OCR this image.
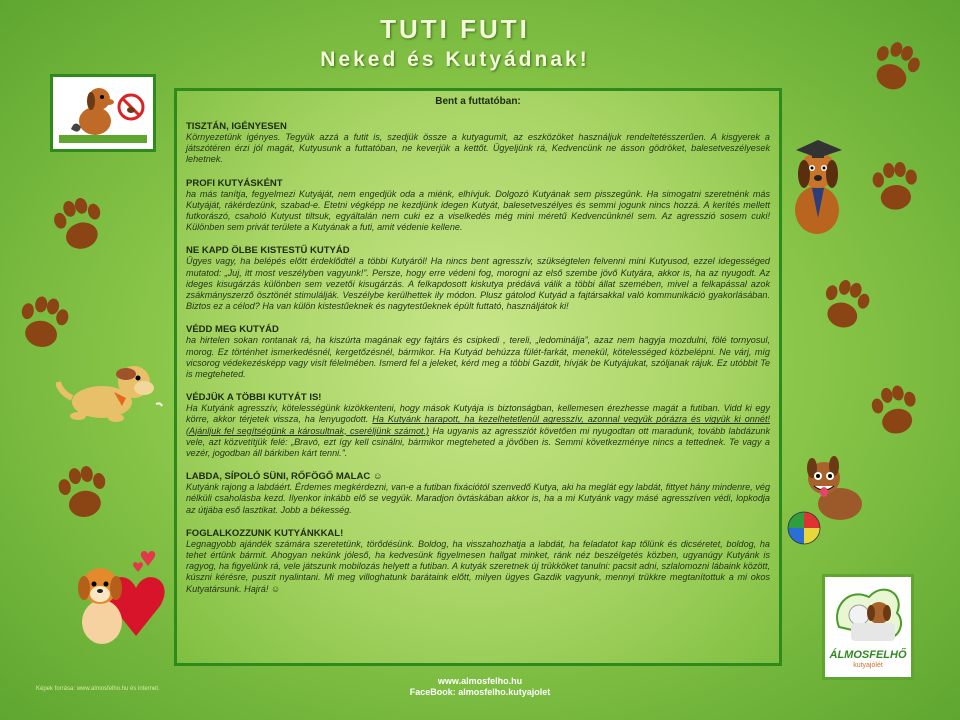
TUTI FUTI
Neked és Kutyádnak!
ÁLMOSFELHŐ
kutyajólét
Bent a futtatóban:
TISZTÁN, IGÉNYESEN
Környezetünk igényes. Tegyük azzá a futit is, szedjük össze a kutyagumit, az eszközöket használjuk rendeltetésszerűen. A kisgyerek a játszótéren érzi jól magát, Kutyusunk a futtatóban, ne keverjük a kettőt. Ügyeljünk rá, Kedvencünk ne ásson gödröket, balesetveszélyesek lehetnek.
PROFI KUTYÁSKÉNT
ha más tanítja, fegyelmezi Kutyáját, nem engedjük oda a miénk, elhívjuk. Dolgozó Kutyának sem pisszegünk. Ha simogatni szeretnénk más Kutyáját, rákérdezünk, szabad-e. Etetni végképp ne kezdjünk idegen Kutyát, balesetveszélyes és semmi jogunk nincs hozzá. A kerítés mellett futkorászó, csaholó Kutyust tiltsuk, egyáltalán nem cuki ez a viselkedés még mini méretű Kedvencünknél sem. Az agresszió sosem cuki! Különben sem privát területe a Kutyának a futi, amit védenie kellene.
NE KAPD ÖLBE KISTESTŰ KUTYÁD
Ügyes vagy, ha belépés előtt érdeklődtél a többi Kutyáról! Ha nincs bent agresszív, szükségtelen felvenni mini Kutyusod, ezzel idegességed mutatod: „Juj, itt most veszélyben vagyunk!”. Persze, hogy erre védeni fog, morogni az első szembe jövő Kutyára, akkor is, ha az nyugodt. Az ideges kisugárzás különben sem vezetői kisugárzás. A felkapdosott kiskutya prédává válik a többi állat szemében, mivel a felkapással azok zsákmányszerző ösztönét stimulálják. Veszélybe kerülhettek ily módon. Plusz gátolod Kutyád a fajtársakkal való kommunikáció gyakorlásában. Biztos ez a célod? Ha van külön kistestűeknek és nagytestűeknek épült futtató, használjátok ki!
VÉDD MEG KUTYÁD
ha hirtelen sokan rontanak rá, ha kiszúrta magának egy fajtárs és csipkedi , tereli, „ledominálja”, azaz nem hagyja mozdulni, fölé tornyosul, morog. Ez történhet ismerkedésnél, kergetőzésnél, bármikor. Ha Kutyád behúzza fülét-farkát, menekül, kötelességed közbelépni. Ne várj, míg vicsorog védekezésképp vagy visít félelmében. Ismerd fel a jeleket, kérd meg a többi Gazdit, hívják be Kutyájukat, szóljanak rájuk. Ez utóbbit Te is megteheted.
VÉDJÜK A TÖBBI KUTYÁT IS!
Ha Kutyánk agresszív, kötelességünk kizökkenteni, hogy mások Kutyája is biztonságban, kellemesen érezhesse magát a futiban. Vidd ki egy körre, akkor térjetek vissza, ha lenyugodott. Ha Kutyánk harapott, ha kezelhetetlenül agresszív, azonnal vegyük pórázra és vigyük ki onnét! (Ajánljuk fel segítségünk a károsultnak, cseréljünk számot.) Ha ugyanis az agressziót követően mi nyugodtan ott maradunk, tovább labdázunk vele, azt közvetítjük felé: „Bravó, ezt így kell csinálni, bármikor megteheted a jövőben is. Semmi következménye nincs a tettednek. Te vagy a vezér, jogodban áll bárkiben kárt tenni.”.
LABDA, SÍPOLÓ SÜNI, RŐFÖGŐ MALAC ☺
Kutyánk rajong a labdáért. Érdemes megkérdezni, van-e a futiban fixációtól szenvedő Kutya, aki ha meglát egy labdát, fittyet hány mindenre, vég nélküli csaholásba kezd. Ilyenkor inkább elő se vegyük. Maradjon övtáskában akkor is, ha a mi Kutyánk vagy másé agresszíven védi, lopkodja az útjába eső lasztikat. Jobb a békesség.
FOGLALKOZZUNK KUTYÁNKKAL!
Legnagyobb ajándék számára szeretetünk, törődésünk. Boldog, ha visszahozhatja a labdát, ha feladatot kap tőlünk és dicséretet, boldog, ha tehet értünk bármit. Ahogyan nekünk jóleső, ha kedvesünk figyelmesen hallgat minket, ránk néz beszélgetés közben, ugyanúgy Kutyánk is ragyog, ha figyelünk rá, vele játszunk mobilozás helyett a futiban. A kutyák szeretnek új trükköket tanulni: pacsit adni, szlalomozni lábaink között, kúszni kérésre, puszit nyalintani. Mi meg villoghatunk barátaink előtt, milyen ügyes Gazdik vagyunk, mennyi trükkre megtanítottuk a mi okos Kutyatársunk. Hajrá! ☺
www.almosfelho.hu
FaceBook: almosfelho.kutyajolet
Képek forrása: www.almosfelho.hu és internet.
